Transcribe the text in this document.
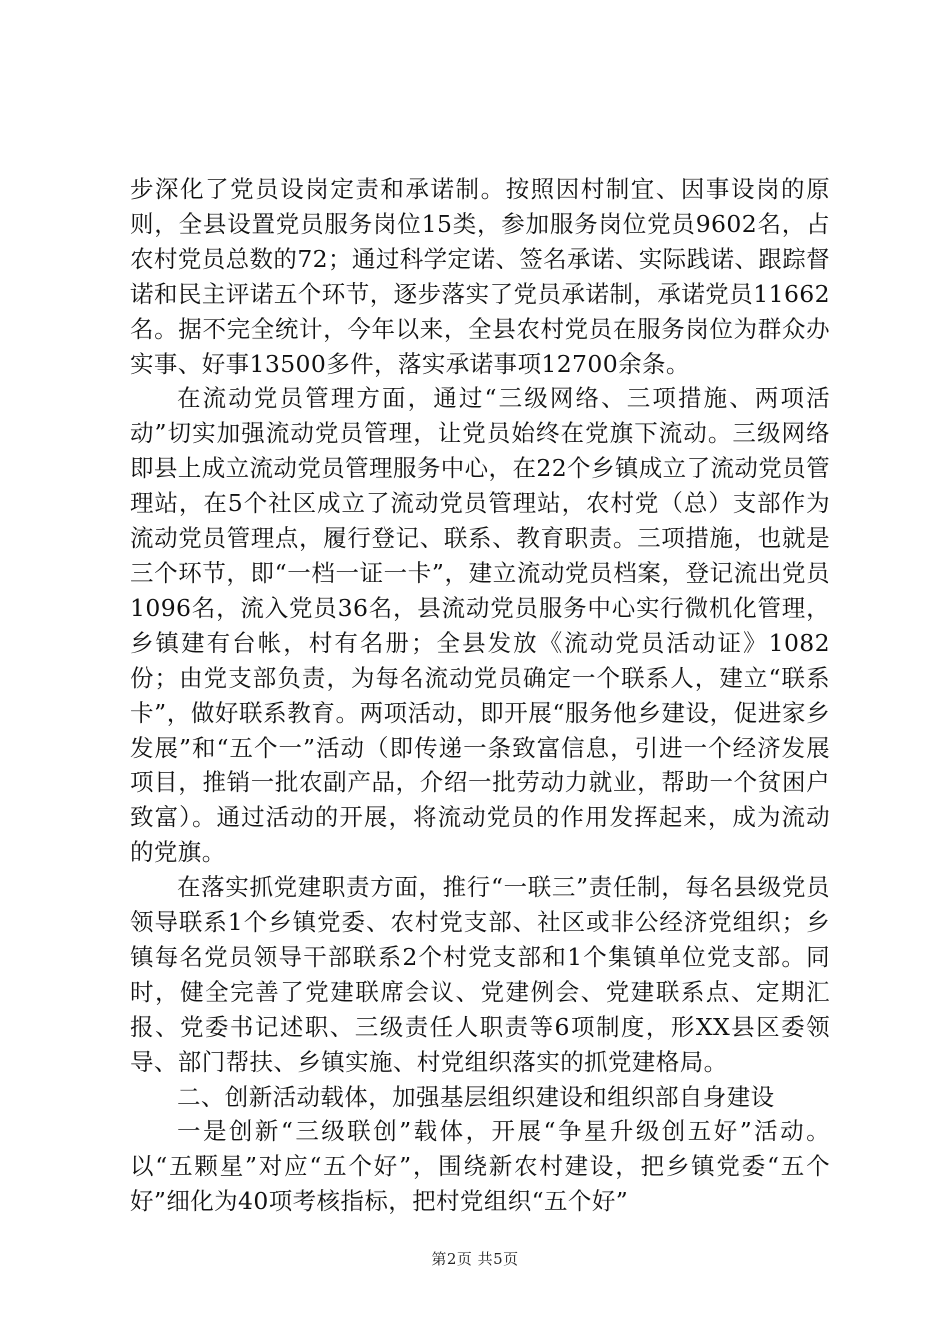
步深化了党员设岗定责和承诺制。按照因村制宜、因事设岗的原则，全县设置党员服务岗位15类，参加服务岗位党员9602名，占农村党员总数的72；通过科学定诺、签名承诺、实际践诺、跟踪督诺和民主评诺五个环节，逐步落实了党员承诺制，承诺党员11662名。据不完全统计，今年以来，全县农村党员在服务岗位为群众办实事、好事13500多件，落实承诺事项12700余条。

在流动党员管理方面，通过“三级网络、三项措施、两项活动”切实加强流动党员管理，让党员始终在党旗下流动。三级网络即县上成立流动党员管理服务中心，在22个乡镇成立了流动党员管理站，在5个社区成立了流动党员管理站，农村党（总）支部作为流动党员管理点，履行登记、联系、教育职责。三项措施，也就是三个环节，即“一档一证一卡”，建立流动党员档案，登记流出党员1096名，流入党员36名，县流动党员服务中心实行微机化管理，乡镇建有台帐，村有名册；全县发放《流动党员活动证》1082份；由党支部负责，为每名流动党员确定一个联系人，建立“联系卡”，做好联系教育。两项活动，即开展“服务他乡建设，促进家乡发展”和“五个一”活动（即传递一条致富信息，引进一个经济发展项目，推销一批农副产品，介绍一批劳动力就业，帮助一个贫困户致富）。通过活动的开展，将流动党员的作用发挥起来，成为流动的党旗。

在落实抓党建职责方面，推行“一联三”责任制，每名县级党员领导联系1个乡镇党委、农村党支部、社区或非公经济党组织；乡镇每名党员领导干部联系2个村党支部和1个集镇单位党支部。同时，健全完善了党建联席会议、党建例会、党建联系点、定期汇报、党委书记述职、三级责任人职责等6项制度，形XX县区委领导、部门帮扶、乡镇实施、村党组织落实的抓党建格局。

二、创新活动载体，加强基层组织建设和组织部自身建设

一是创新“三级联创”载体，开展“争星升级创五好”活动。以“五颗星”对应“五个好”，围绕新农村建设，把乡镇党委“五个好”细化为40项考核指标，把村党组织“五个好”

第2页 共5页
